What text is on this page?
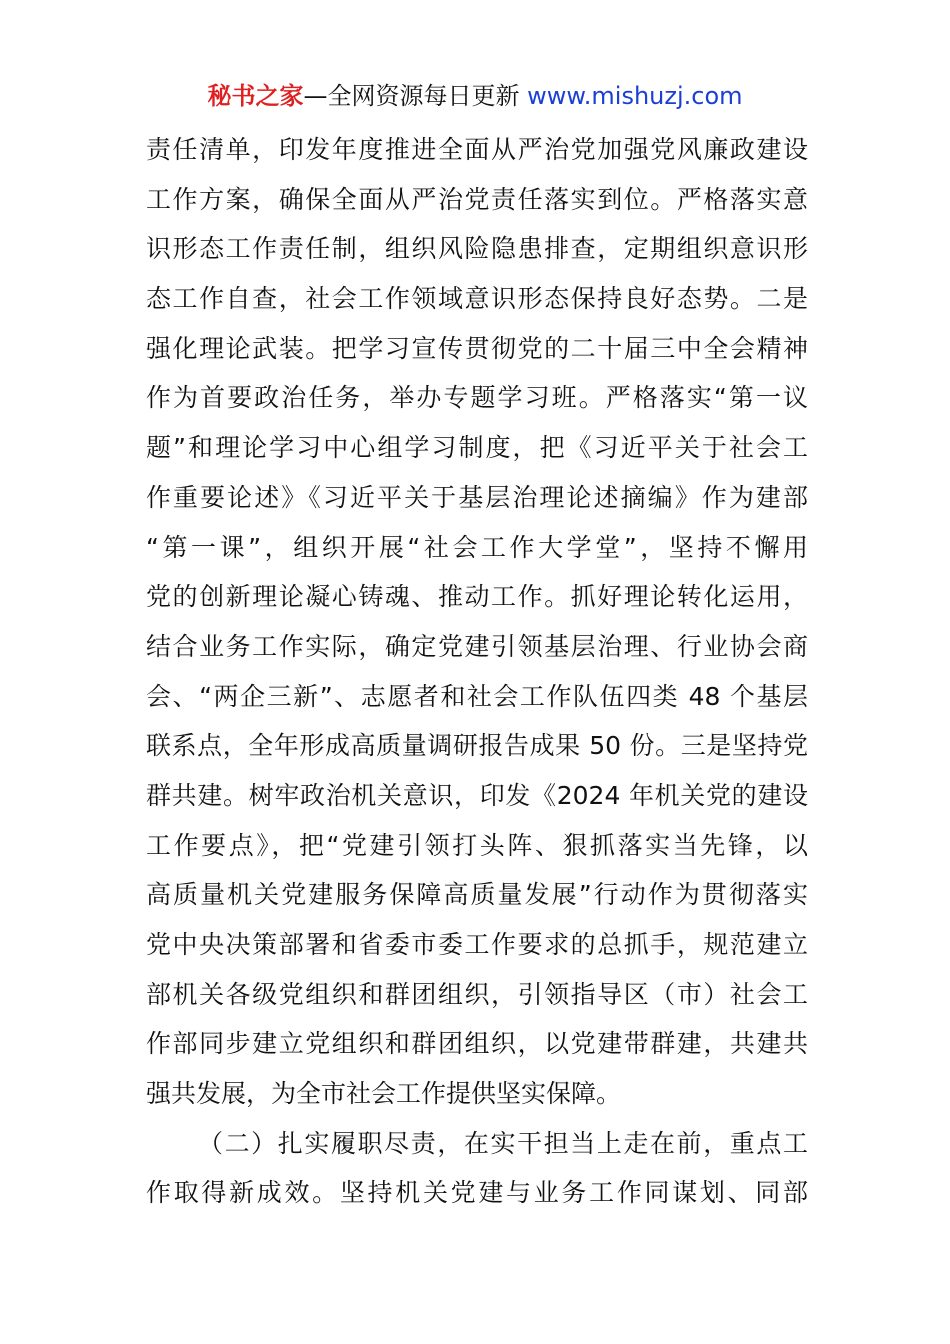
秘书之家—全网资源每日更新 www.mishuzj.com
责任清单，印发年度推进全面从严治党加强党风廉政建设
工作方案，确保全面从严治党责任落实到位。严格落实意
识形态工作责任制，组织风险隐患排查，定期组织意识形
态工作自查，社会工作领域意识形态保持良好态势。二是
强化理论武装。把学习宣传贯彻党的二十届三中全会精神
作为首要政治任务，举办专题学习班。严格落实“第一议
题”和理论学习中心组学习制度，把《习近平关于社会工
作重要论述》《习近平关于基层治理论述摘编》作为建部
“第一课”，组织开展“社会工作大学堂”，坚持不懈用
党的创新理论凝心铸魂、推动工作。抓好理论转化运用，
结合业务工作实际，确定党建引领基层治理、行业协会商
会、“两企三新”、志愿者和社会工作队伍四类 48 个基层
联系点，全年形成高质量调研报告成果 50 份。三是坚持党
群共建。树牢政治机关意识，印发《2024 年机关党的建设
工作要点》，把“党建引领打头阵、狠抓落实当先锋，以
高质量机关党建服务保障高质量发展”行动作为贯彻落实
党中央决策部署和省委市委工作要求的总抓手，规范建立
部机关各级党组织和群团组织，引领指导区（市）社会工
作部同步建立党组织和群团组织，以党建带群建，共建共
强共发展，为全市社会工作提供坚实保障。
（二）扎实履职尽责，在实干担当上走在前，重点工
作取得新成效。坚持机关党建与业务工作同谋划、同部
